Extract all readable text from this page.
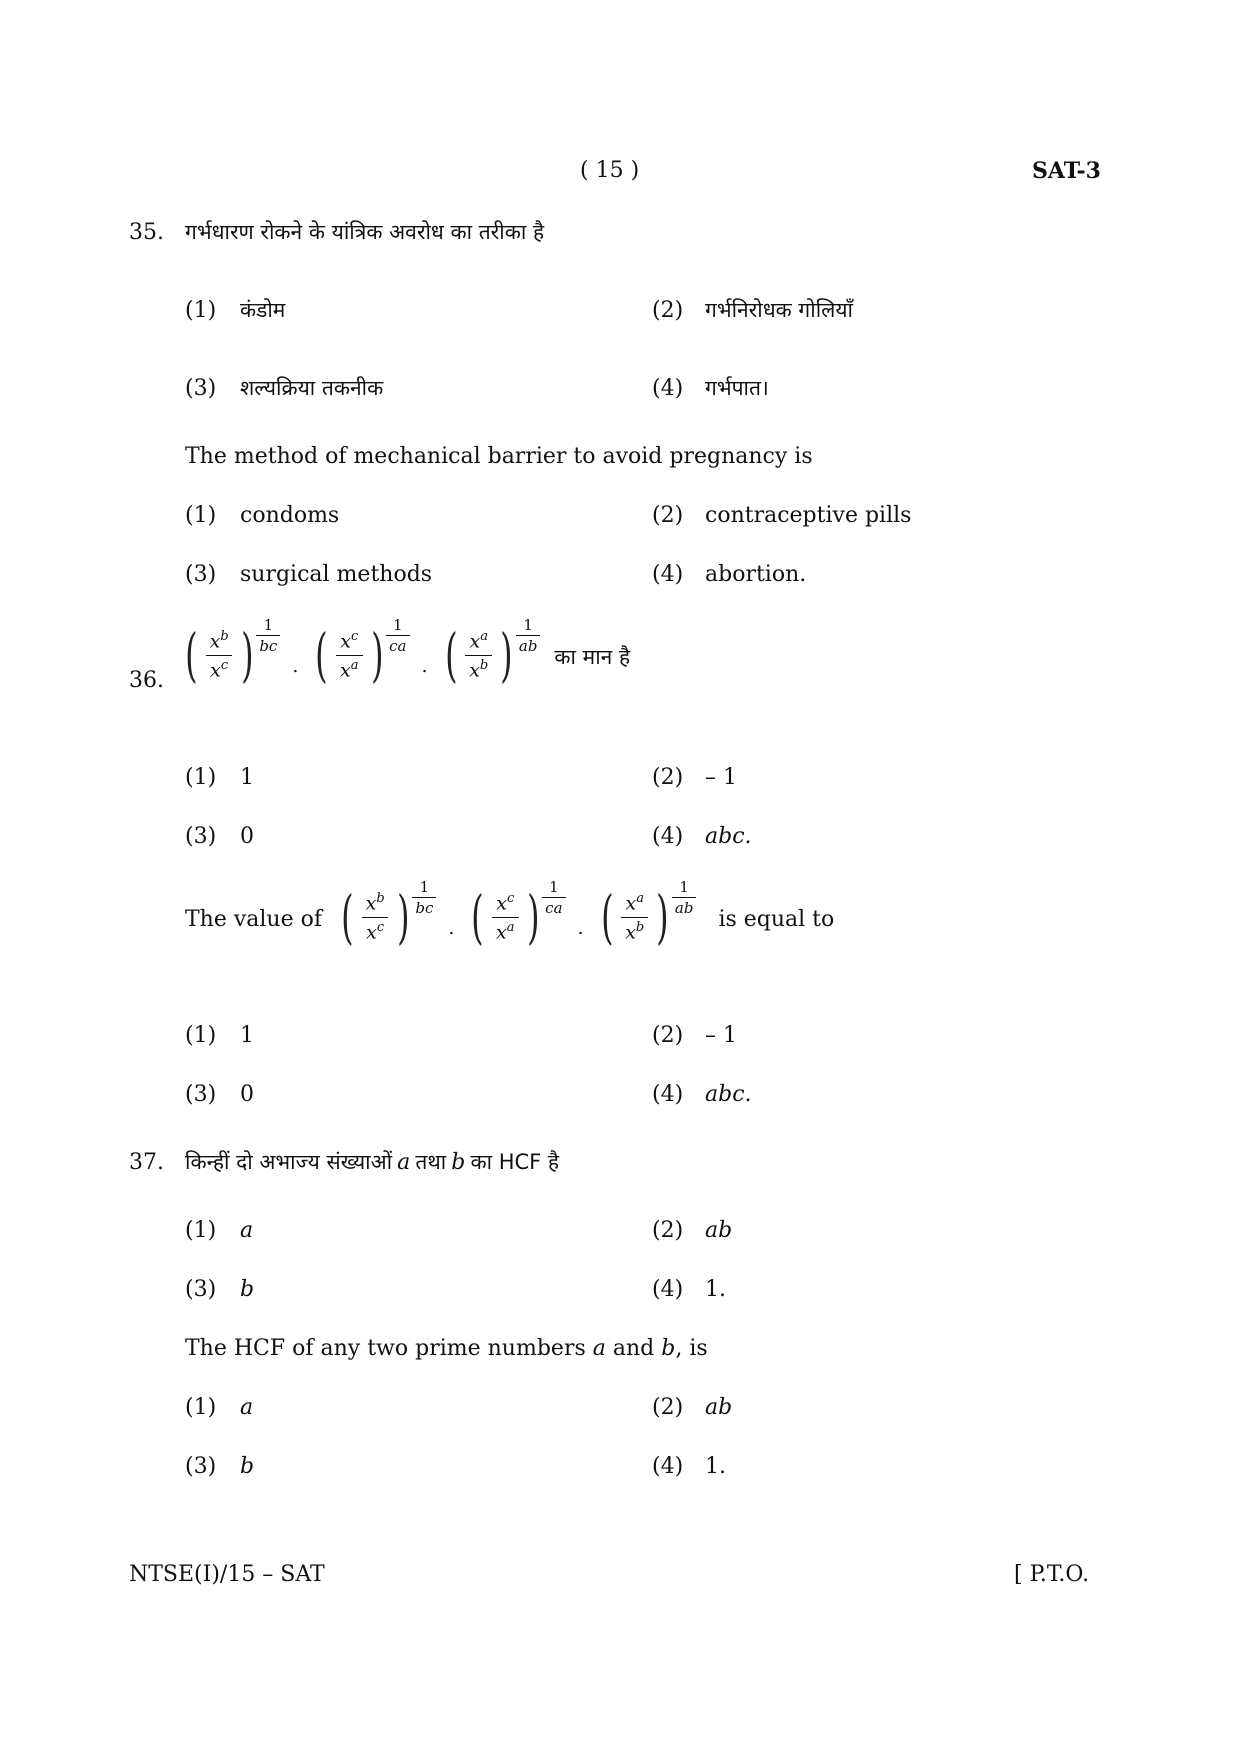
( 15 )	SAT-3
35. गर्भधारण रोकने के यांत्रिक अवरोध का तरीका है
(1) कंडोम	(2) गर्भनिरोधक गोलियाँ
(3) शल्यक्रिया तकनीक	(4) गर्भपात।
The method of mechanical barrier to avoid pregnancy is
(1) condoms	(2) contraceptive pills
(3) surgical methods	(4) abortion.
36. ( $\frac{x^b}{x^c}$ ) $\frac{1}{bc}$
. ( $\frac{x^c}{x^a}$ ) $\frac{1}{ca}$
. ( $\frac{x^a}{x^b}$ ) $\frac{1}{ab}$
का मान है
(1) 1	(2) – 1
(3) 0	(4) abc.
The value of ( $\frac{x^b}{x^c}$ ) $\frac{1}{bc}$
. ( $\frac{x^c}{x^a}$ ) $\frac{1}{ca}$
. ( $\frac{x^a}{x^b}$ ) $\frac{1}{ab}$
is equal to
(1) 1	(2) – 1
(3) 0	(4) abc.
37. किन्हीं दो अभाज्य संख्याओं a तथा b का HCF है
(1) a	(2) ab
(3) b	(4) 1.
The HCF of any two prime numbers a and b, is
(1) a	(2) ab
(3) b	(4) 1.
NTSE(I)/15 – SAT	[ P.T.O.
